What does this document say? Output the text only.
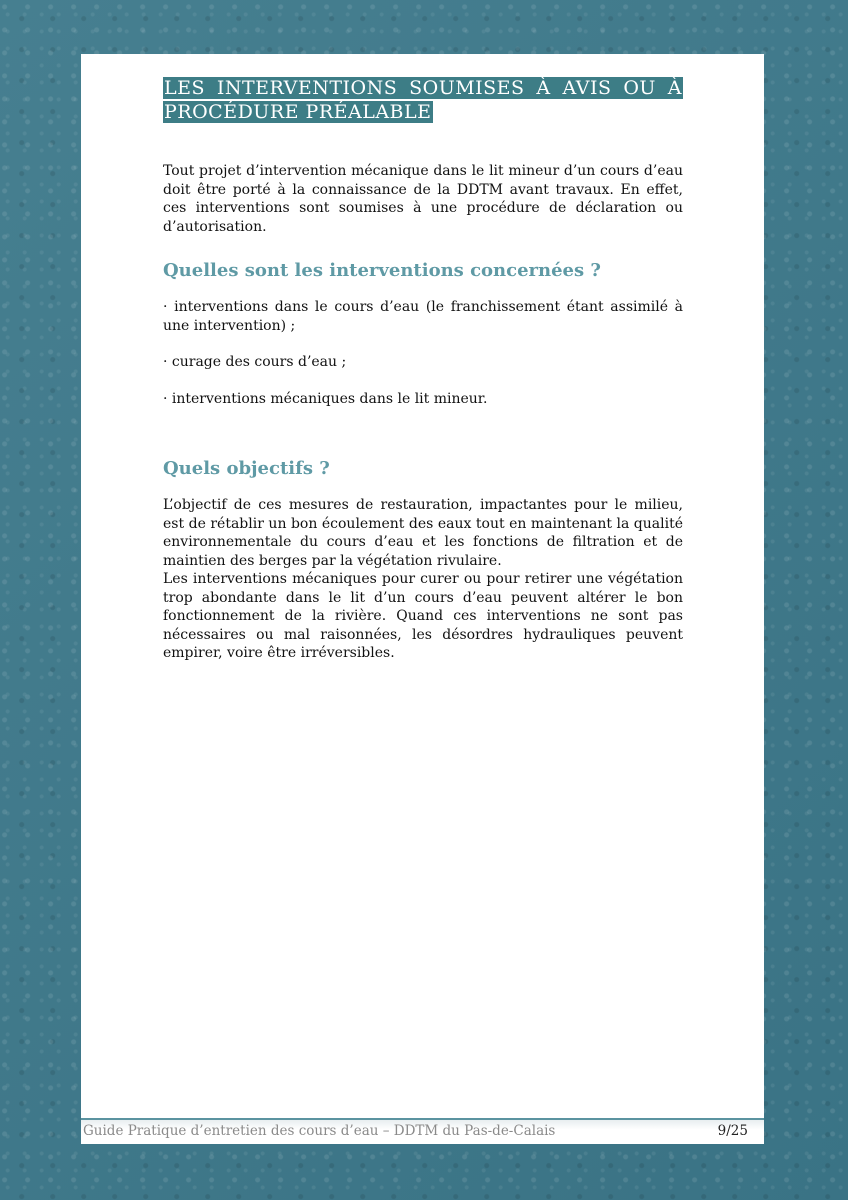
LES INTERVENTIONS SOUMISES À AVIS OU À PROCÉDURE PRÉALABLE

Tout projet d’intervention mécanique dans le lit mineur d’un cours d’eau doit être porté à la connaissance de la DDTM avant travaux. En effet, ces interventions sont soumises à une procédure de déclaration ou d’autorisation.

Quelles sont les interventions concernées ?

· interventions dans le cours d’eau (le franchissement étant assimilé à une intervention) ;

· curage des cours d’eau ;

· interventions mécaniques dans le lit mineur.

Quels objectifs ?

L’objectif de ces mesures de restauration, impactantes pour le milieu, est de rétablir un bon écoulement des eaux tout en maintenant la qualité environnementale du cours d’eau et les fonctions de filtration et de maintien des berges par la végétation rivulaire.

Les interventions mécaniques pour curer ou pour retirer une végétation trop abondante dans le lit d’un cours d’eau peuvent altérer le bon fonctionnement de la rivière. Quand ces interventions ne sont pas nécessaires ou mal raisonnées, les désordres hydrauliques peuvent empirer, voire être irréversibles.

Guide Pratique d’entretien des cours d’eau – DDTM du Pas-de-Calais	9/25
